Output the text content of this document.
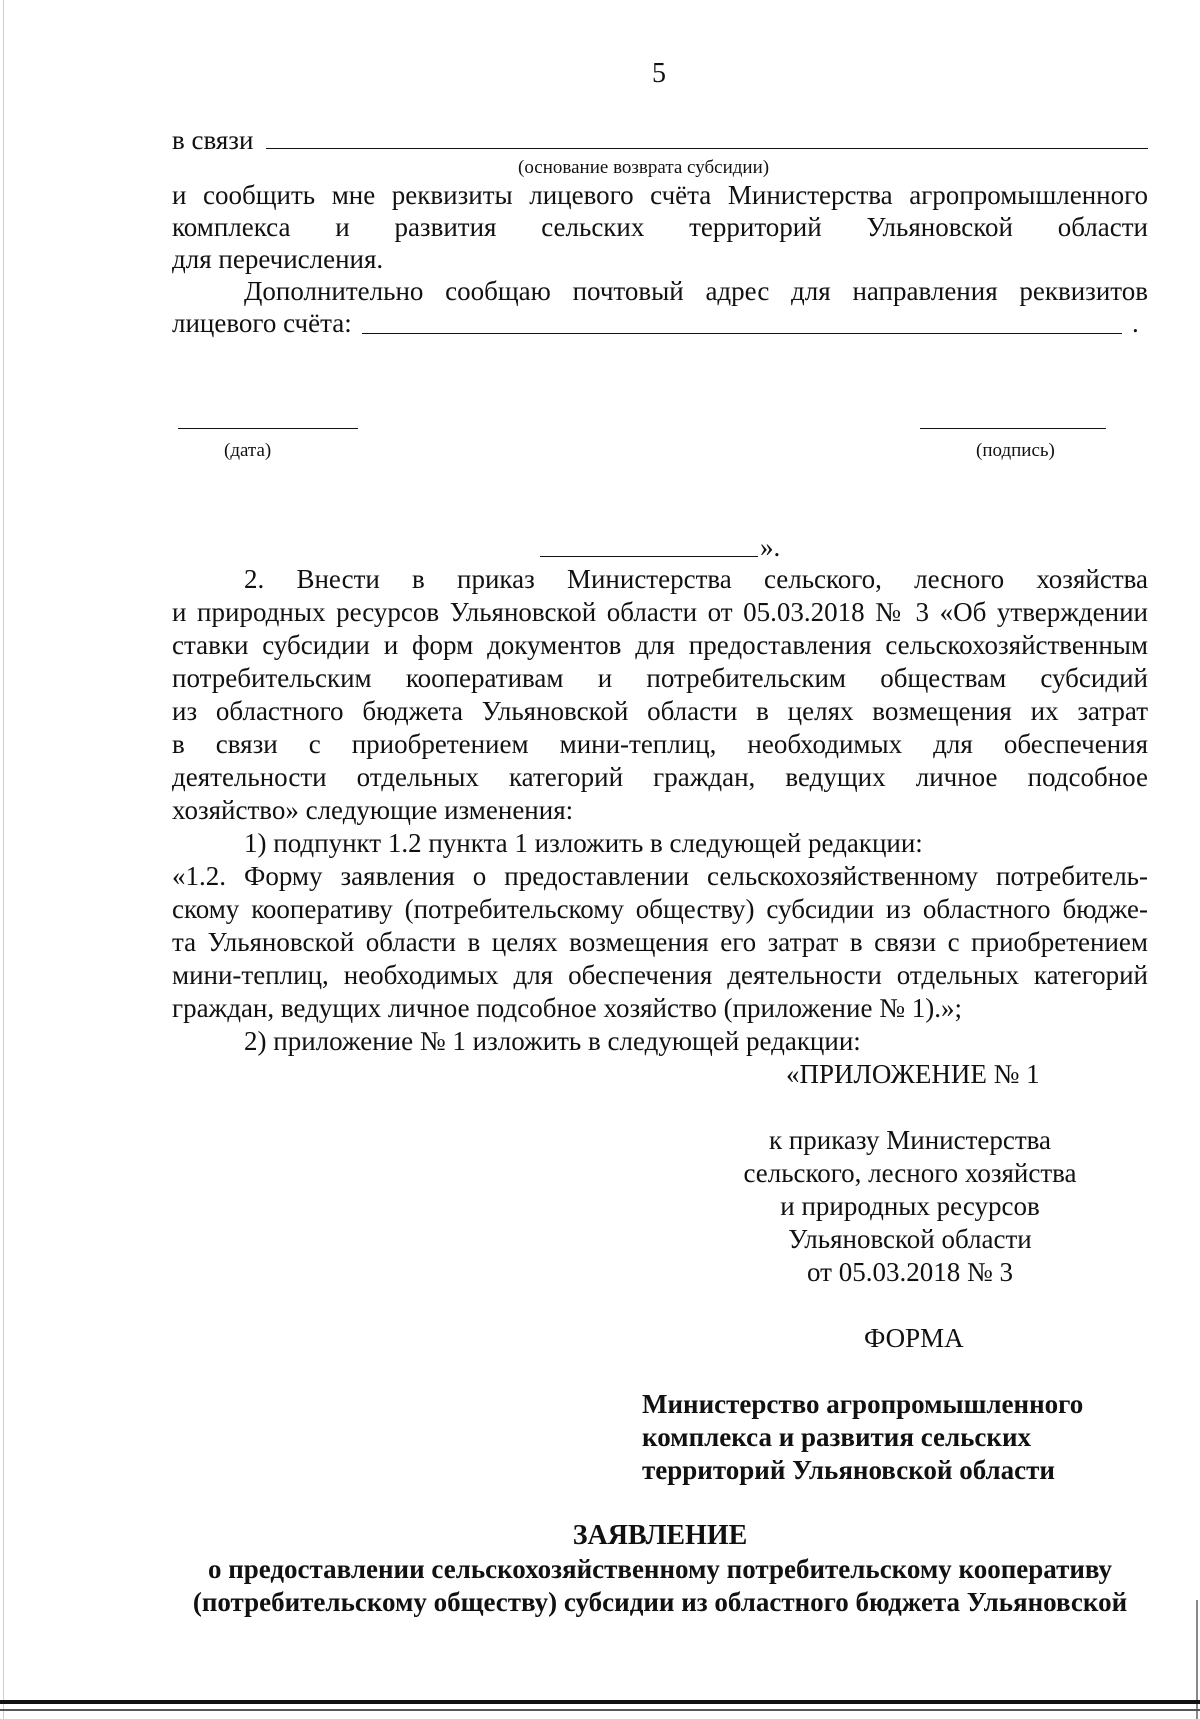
5
в связи
(основание возврата субсидии)
и сообщить мне реквизиты лицевого счёта Министерства агропромышленного
комплекса и развития сельских территорий Ульяновской области
для перечисления.
Дополнительно сообщаю почтовый адрес для направления реквизитов
лицевого счёта:	.
(дата)	(подпись)
».
2. Внести в приказ Министерства сельского, лесного хозяйства
и природных ресурсов Ульяновской области от 05.03.2018 № 3 «Об утверждении
ставки субсидии и форм документов для предоставления сельскохозяйственным
потребительским кооперативам и потребительским обществам субсидий
из областного бюджета Ульяновской области в целях возмещения их затрат
в связи с приобретением мини-теплиц, необходимых для обеспечения
деятельности отдельных категорий граждан, ведущих личное подсобное
хозяйство» следующие изменения:
1) подпункт 1.2 пункта 1 изложить в следующей редакции:
«1.2. Форму заявления о предоставлении сельскохозяйственному потребитель-
скому кооперативу (потребительскому обществу) субсидии из областного бюдже-
та Ульяновской области в целях возмещения его затрат в связи с приобретением
мини-теплиц, необходимых для обеспечения деятельности отдельных категорий
граждан, ведущих личное подсобное хозяйство (приложение № 1).»;
2) приложение № 1 изложить в следующей редакции:
«ПРИЛОЖЕНИЕ № 1
к приказу Министерства
сельского, лесного хозяйства
и природных ресурсов
Ульяновской области
от 05.03.2018 № 3
ФОРМА
Министерство агропромышленного
комплекса и развития сельских
территорий Ульяновской области
ЗАЯВЛЕНИЕ
о предоставлении сельскохозяйственному потребительскому кооперативу
(потребительскому обществу) субсидии из областного бюджета Ульяновской
